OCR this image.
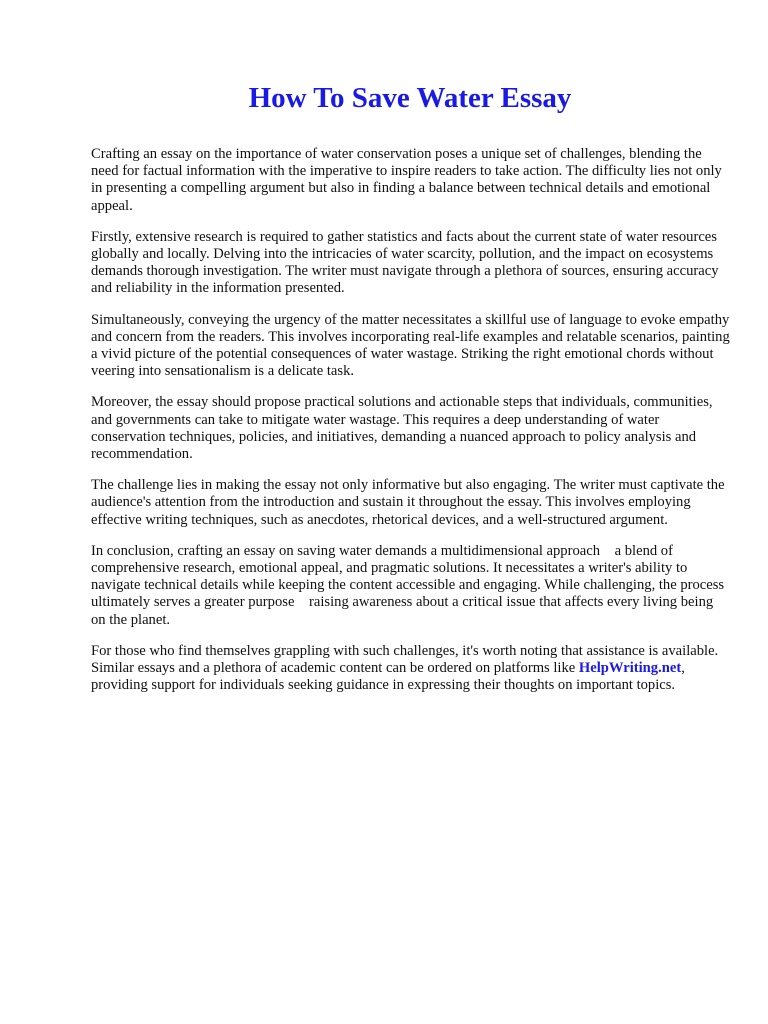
How To Save Water Essay

Crafting an essay on the importance of water conservation poses a unique set of challenges, blending the need for factual information with the imperative to inspire readers to take action. The difficulty lies not only in presenting a compelling argument but also in finding a balance between technical details and emotional appeal.

Firstly, extensive research is required to gather statistics and facts about the current state of water resources globally and locally. Delving into the intricacies of water scarcity, pollution, and the impact on ecosystems demands thorough investigation. The writer must navigate through a plethora of sources, ensuring accuracy and reliability in the information presented.

Simultaneously, conveying the urgency of the matter necessitates a skillful use of language to evoke empathy and concern from the readers. This involves incorporating real-life examples and relatable scenarios, painting a vivid picture of the potential consequences of water wastage. Striking the right emotional chords without veering into sensationalism is a delicate task.

Moreover, the essay should propose practical solutions and actionable steps that individuals, communities, and governments can take to mitigate water wastage. This requires a deep understanding of water conservation techniques, policies, and initiatives, demanding a nuanced approach to policy analysis and recommendation.

The challenge lies in making the essay not only informative but also engaging. The writer must captivate the audience's attention from the introduction and sustain it throughout the essay. This involves employing effective writing techniques, such as anecdotes, rhetorical devices, and a well-structured argument.

In conclusion, crafting an essay on saving water demands a multidimensional approach    a blend of comprehensive research, emotional appeal, and pragmatic solutions. It necessitates a writer's ability to navigate technical details while keeping the content accessible and engaging. While challenging, the process ultimately serves a greater purpose    raising awareness about a critical issue that affects every living being on the planet.

For those who find themselves grappling with such challenges, it's worth noting that assistance is available. Similar essays and a plethora of academic content can be ordered on platforms like HelpWriting.net, providing support for individuals seeking guidance in expressing their thoughts on important topics.
